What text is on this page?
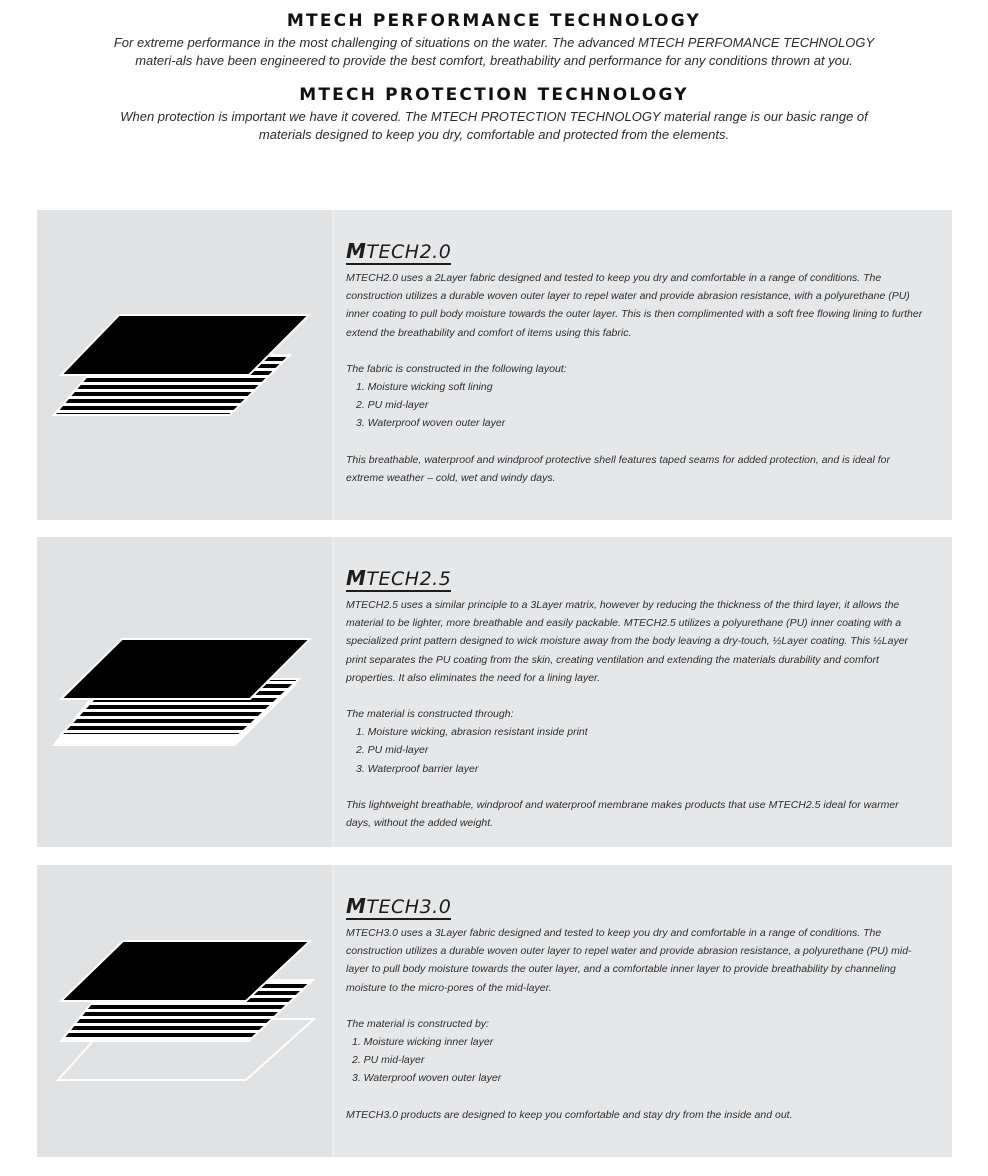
MTECH PERFORMANCE TECHNOLOGY

For extreme performance in the most challenging of situations on the water. The advanced MTECH PERFOMANCE TECHNOLOGY materi-als have been engineered to provide the best comfort, breathability and performance for any conditions thrown at you.

MTECH PROTECTION TECHNOLOGY

When protection is important we have it covered. The MTECH PROTECTION TECHNOLOGY material range is our basic range of materials designed to keep you dry, comfortable and protected from the elements.

MTECH2.0

MTECH2.0 uses a 2Layer fabric designed and tested to keep you dry and comfortable in a range of conditions. The construction utilizes a durable woven outer layer to repel water and provide abrasion resistance, with a polyurethane (PU) inner coating to pull body moisture towards the outer layer. This is then complimented with a soft free flowing lining to further extend the breathability and comfort of items using this fabric.

The fabric is constructed in the following layout:

1. Moisture wicking soft lining
2. PU mid-layer
3. Waterproof woven outer layer

This breathable, waterproof and windproof protective shell features taped seams for added protection, and is ideal for extreme weather – cold, wet and windy days.

MTECH2.5

MTECH2.5 uses a similar principle to a 3Layer matrix, however by reducing the thickness of the third layer, it allows the material to be lighter, more breathable and easily packable. MTECH2.5 utilizes a polyurethane (PU) inner coating with a specialized print pattern designed to wick moisture away from the body leaving a dry-touch, ½Layer coating. This ½Layer print separates the PU coating from the skin, creating ventilation and extending the materials durability and comfort properties. It also eliminates the need for a lining layer.

The material is constructed through:

1. Moisture wicking, abrasion resistant inside print
2. PU mid-layer
3. Waterproof barrier layer

This lightweight breathable, windproof and waterproof membrane makes products that use MTECH2.5 ideal for warmer days, without the added weight.

MTECH3.0

MTECH3.0 uses a 3Layer fabric designed and tested to keep you dry and comfortable in a range of conditions. The construction utilizes a durable woven outer layer to repel water and provide abrasion resistance, a polyurethane (PU) mid-layer to pull body moisture towards the outer layer, and a comfortable inner layer to provide breathability by channeling moisture to the micro-pores of the mid-layer.

The material is constructed by:

1. Moisture wicking inner layer
2. PU mid-layer
3. Waterproof woven outer layer

MTECH3.0 products are designed to keep you comfortable and stay dry from the inside and out.
